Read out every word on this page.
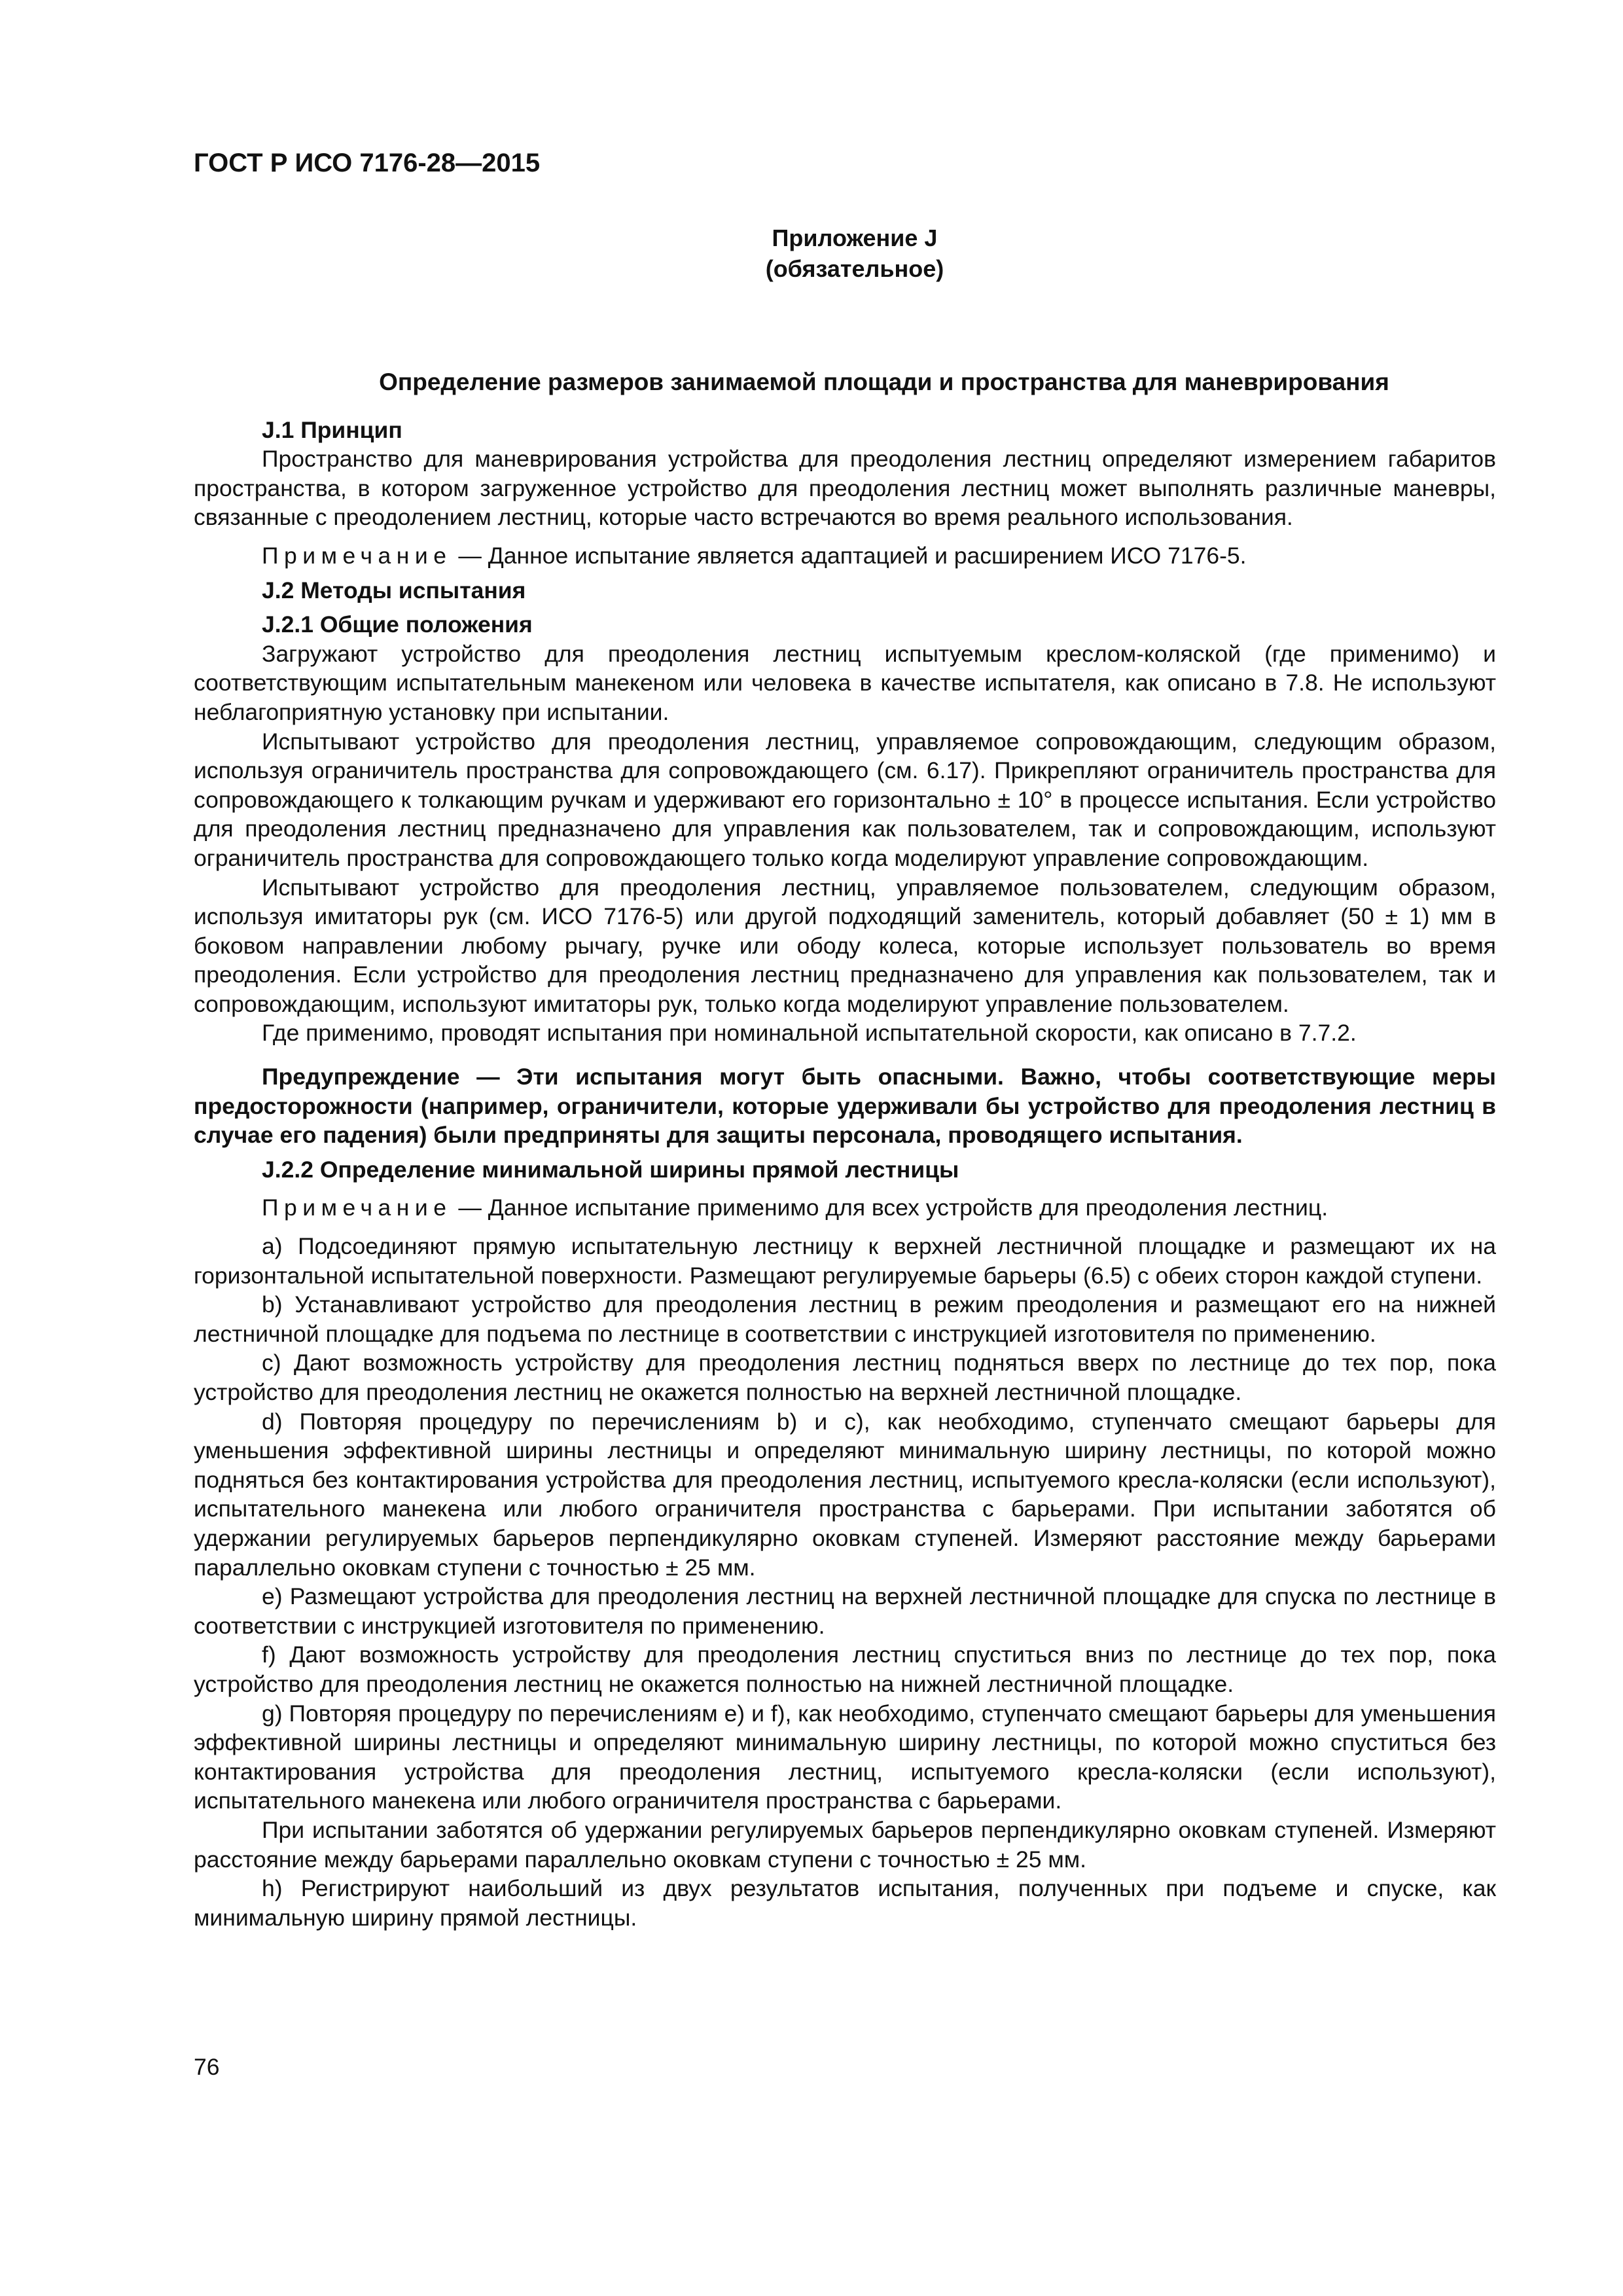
ГОСТ Р ИСО 7176-28—2015
Приложение J
(обязательное)
Определение размеров занимаемой площади и пространства для маневрирования
J.1 Принцип

Пространство для маневрирования устройства для преодоления лестниц определяют измерением габаритов пространства, в котором загруженное устройство для преодоления лестниц может выполнять различные маневры, связанные с преодолением лестниц, которые часто встречаются во время реального использования.

Примечание — Данное испытание является адаптацией и расширением ИСО 7176-5.

J.2 Методы испытания
J.2.1 Общие положения

Загружают устройство для преодоления лестниц испытуемым креслом-коляской (где применимо) и соответствующим испытательным манекеном или человека в качестве испытателя, как описано в 7.8. Не используют неблагоприятную установку при испытании.

Испытывают устройство для преодоления лестниц, управляемое сопровождающим, следующим образом, используя ограничитель пространства для сопровождающего (см. 6.17). Прикрепляют ограничитель пространства для сопровождающего к толкающим ручкам и удерживают его горизонтально ± 10° в процессе испытания. Если устройство для преодоления лестниц предназначено для управления как пользователем, так и сопровождающим, используют ограничитель пространства для сопровождающего только когда моделируют управление сопровождающим.

Испытывают устройство для преодоления лестниц, управляемое пользователем, следующим образом, используя имитаторы рук (см. ИСО 7176-5) или другой подходящий заменитель, который добавляет (50 ± 1) мм в боковом направлении любому рычагу, ручке или ободу колеса, которые использует пользователь во время преодоления. Если устройство для преодоления лестниц предназначено для управления как пользователем, так и сопровождающим, используют имитаторы рук, только когда моделируют управление пользователем.

Где применимо, проводят испытания при номинальной испытательной скорости, как описано в 7.7.2.

Предупреждение — Эти испытания могут быть опасными. Важно, чтобы соответствующие меры предосторожности (например, ограничители, которые удерживали бы устройство для преодоления лестниц в случае его падения) были предприняты для защиты персонала, проводящего испытания.

J.2.2 Определение минимальной ширины прямой лестницы

Примечание — Данное испытание применимо для всех устройств для преодоления лестниц.

a) Подсоединяют прямую испытательную лестницу к верхней лестничной площадке и размещают их на горизонтальной испытательной поверхности. Размещают регулируемые барьеры (6.5) с обеих сторон каждой ступени.

b) Устанавливают устройство для преодоления лестниц в режим преодоления и размещают его на нижней лестничной площадке для подъема по лестнице в соответствии с инструкцией изготовителя по применению.

c) Дают возможность устройству для преодоления лестниц подняться вверх по лестнице до тех пор, пока устройство для преодоления лестниц не окажется полностью на верхней лестничной площадке.

d) Повторяя процедуру по перечислениям b) и c), как необходимо, ступенчато смещают барьеры для уменьшения эффективной ширины лестницы и определяют минимальную ширину лестницы, по которой можно подняться без контактирования устройства для преодоления лестниц, испытуемого кресла-коляски (если используют), испытательного манекена или любого ограничителя пространства с барьерами. При испытании заботятся об удержании регулируемых барьеров перпендикулярно оковкам ступеней. Измеряют расстояние между барьерами параллельно оковкам ступени с точностью ± 25 мм.

e) Размещают устройства для преодоления лестниц на верхней лестничной площадке для спуска по лестнице в соответствии с инструкцией изготовителя по применению.

f) Дают возможность устройству для преодоления лестниц спуститься вниз по лестнице до тех пор, пока устройство для преодоления лестниц не окажется полностью на нижней лестничной площадке.

g) Повторяя процедуру по перечислениям e) и f), как необходимо, ступенчато смещают барьеры для уменьшения эффективной ширины лестницы и определяют минимальную ширину лестницы, по которой можно спуститься без контактирования устройства для преодоления лестниц, испытуемого кресла-коляски (если используют), испытательного манекена или любого ограничителя пространства с барьерами.

При испытании заботятся об удержании регулируемых барьеров перпендикулярно оковкам ступеней. Измеряют расстояние между барьерами параллельно оковкам ступени с точностью ± 25 мм.

h) Регистрируют наибольший из двух результатов испытания, полученных при подъеме и спуске, как минимальную ширину прямой лестницы.

76
